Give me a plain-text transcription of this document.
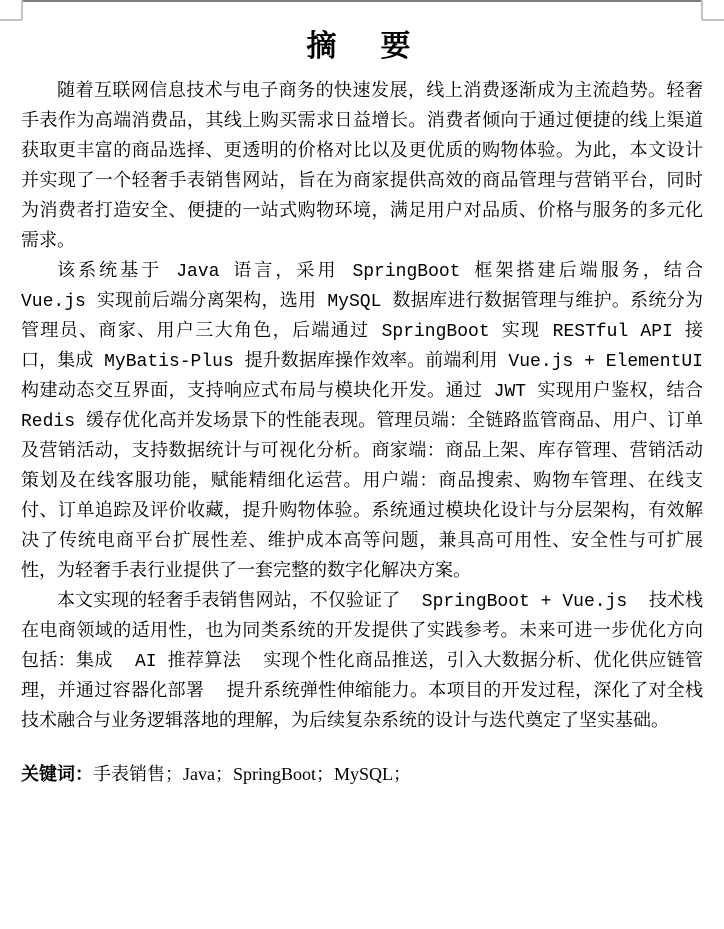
摘　要

随着互联网信息技术与电子商务的快速发展，线上消费逐渐成为主流趋势。轻奢手表作为高端消费品，其线上购买需求日益增长。消费者倾向于通过便捷的线上渠道获取更丰富的商品选择、更透明的价格对比以及更优质的购物体验。为此，本文设计并实现了一个轻奢手表销售网站，旨在为商家提供高效的商品管理与营销平台，同时为消费者打造安全、便捷的一站式购物环境，满足用户对品质、价格与服务的多元化需求。

该系统基于 Java 语言，采用 SpringBoot 框架搭建后端服务，结合 Vue.js 实现前后端分离架构，选用 MySQL 数据库进行数据管理与维护。系统分为管理员、商家、用户三大角色，后端通过 SpringBoot 实现 RESTful API 接口，集成 MyBatis-Plus 提升数据库操作效率。前端利用 Vue.js + ElementUI 构建动态交互界面，支持响应式布局与模块化开发。通过 JWT 实现用户鉴权，结合 Redis 缓存优化高并发场景下的性能表现。管理员端：全链路监管商品、用户、订单及营销活动，支持数据统计与可视化分析。商家端：商品上架、库存管理、营销活动策划及在线客服功能，赋能精细化运营。用户端：商品搜索、购物车管理、在线支付、订单追踪及评价收藏，提升购物体验。系统通过模块化设计与分层架构，有效解决了传统电商平台扩展性差、维护成本高等问题，兼具高可用性、安全性与可扩展性，为轻奢手表行业提供了一套完整的数字化解决方案。

本文实现的轻奢手表销售网站，不仅验证了  SpringBoot + Vue.js  技术栈在电商领域的适用性，也为同类系统的开发提供了实践参考。未来可进一步优化方向包括：集成  AI 推荐算法  实现个性化商品推送，引入大数据分析、优化供应链管理，并通过容器化部署  提升系统弹性伸缩能力。本项目的开发过程，深化了对全栈技术融合与业务逻辑落地的理解，为后续复杂系统的设计与迭代奠定了坚实基础。

关键词：手表销售；Java；SpringBoot；MySQL；
